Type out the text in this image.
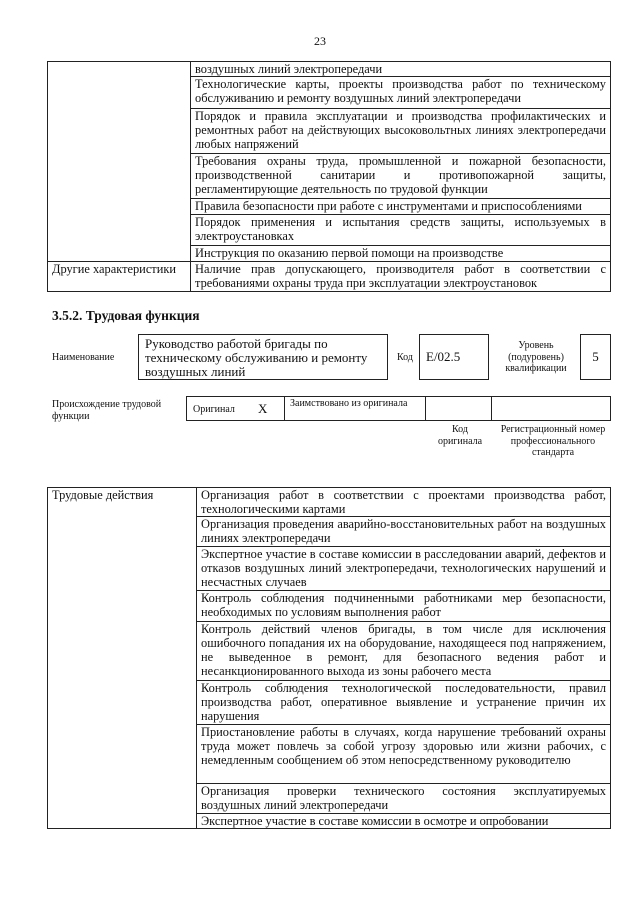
23
	воздушных линий электропередачи
	Технологические карты, проекты производства работ по техническому обслуживанию и ремонту воздушных линий электропередачи
	Порядок и правила эксплуатации и производства профилактических и ремонтных работ на действующих высоковольтных линиях электропередачи любых напряжений
	Требования охраны труда, промышленной и пожарной безопасности, производственной санитарии и противопожарной защиты, регламентирующие деятельность по трудовой функции
	Правила безопасности при работе с инструментами и приспособлениями
	Порядок применения и испытания средств защиты, используемых в электроустановках
	Инструкция по оказанию первой помощи на производстве
Другие характеристики	Наличие прав допускающего, производителя работ в соответствии с требованиями охраны труда при эксплуатации электроустановок
3.5.2. Трудовая функция
Наименование
Руководство работой бригады по техническому обслуживанию и ремонту воздушных линий
Код	E/02.5
Уровень (подуровень) квалификации
5
Происхождение трудовой функции
Оригинал X Заимствовано из оригинала
Код оригинала
Регистрационный номер профессионального стандарта
Трудовые действия	Организация работ в соответствии с проектами производства работ, технологическими картами
Организация проведения аварийно-восстановительных работ на воздушных линиях электропередачи
Экспертное участие в составе комиссии в расследовании аварий, дефектов и отказов воздушных линий электропередачи, технологических нарушений и несчастных случаев
Контроль соблюдения подчиненными работниками мер безопасности, необходимых по условиям выполнения работ
Контроль действий членов бригады, в том числе для исключения ошибочного попадания их на оборудование, находящееся под напряжением, не выведенное в ремонт, для безопасного ведения работ и несанкционированного выхода из зоны рабочего места
Контроль соблюдения технологической последовательности, правил производства работ, оперативное выявление и устранение причин их нарушения
Приостановление работы в случаях, когда нарушение требований охраны труда может повлечь за собой угрозу здоровью или жизни рабочих, с немедленным сообщением об этом непосредственному руководителю
Организация проверки технического состояния эксплуатируемых воздушных линий электропередачи
Экспертное участие в составе комиссии в осмотре и опробовании
